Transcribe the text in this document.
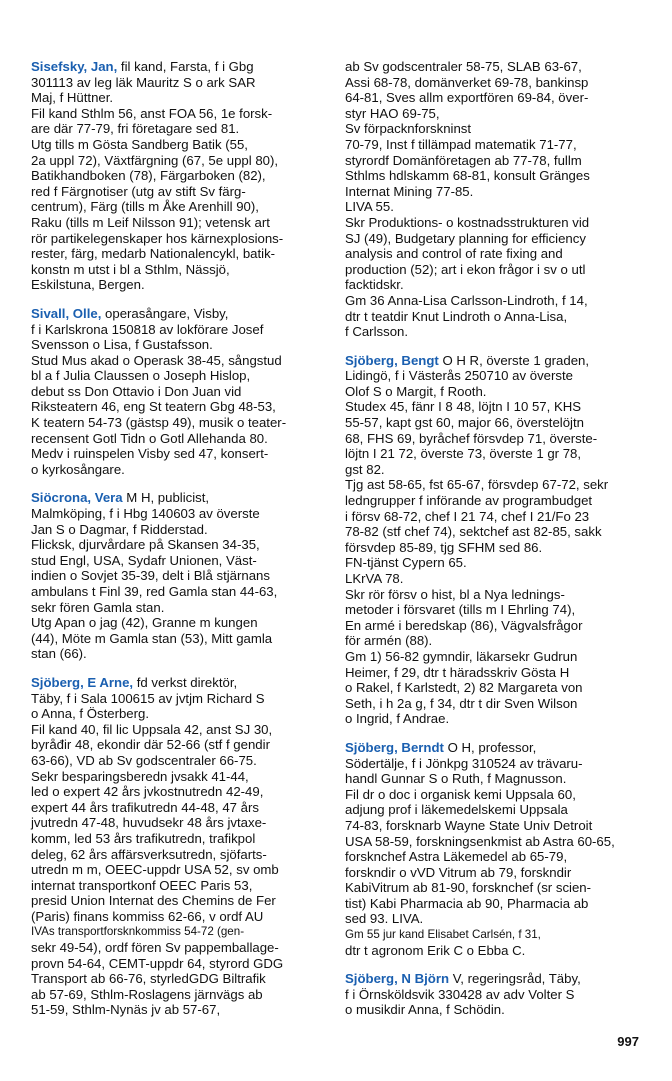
Sisefsky, Jan, fil kand, Farsta, f i Gbg
301113 av leg läk Mauritz S o ark SAR
Maj, f Hüttner.
Fil kand Sthlm 56, anst FOA 56, 1e forsk-
are där 77-79, fri företagare sed 81.
Utg tills m Gösta Sandberg Batik (55,
2a uppl 72), Växtfärgning (67, 5e uppl 80),
Batikhandboken (78), Färgarboken (82),
red f Färgnotiser (utg av stift Sv färg-
centrum), Färg (tills m Åke Arenhill 90),
Raku (tills m Leif Nilsson 91); vetensk art
rör partikelegenskaper hos kärnexplosions-
rester, färg, medarb Nationalencykl, batik-
konstn m utst i bl a Sthlm, Nässjö,
Eskilstuna, Bergen.
Sivall, Olle, operasångare, Visby,
f i Karlskrona 150818 av lokförare Josef
Svensson o Lisa, f Gustafsson.
Stud Mus akad o Operask 38-45, sångstud
bl a f Julia Claussen o Joseph Hislop,
debut ss Don Ottavio i Don Juan vid
Riksteatern 46, eng St teatern Gbg 48-53,
K teatern 54-73 (gästsp 49), musik o teater-
recensent Gotl Tidn o Gotl Allehanda 80.
Medv i ruinspelen Visby sed 47, konsert-
o kyrkosångare.
Siöcrona, Vera M H, publicist,
Malmköping, f i Hbg 140603 av överste
Jan S o Dagmar, f Ridderstad.
Flicksk, djurvårdare på Skansen 34-35,
stud Engl, USA, Sydafr Unionen, Väst-
indien o Sovjet 35-39, delt i Blå stjärnans
ambulans t Finl 39, red Gamla stan 44-63,
sekr fören Gamla stan.
Utg Apan o jag (42), Granne m kungen
(44), Möte m Gamla stan (53), Mitt gamla
stan (66).
Sjöberg, E Arne, fd verkst direktör,
Täby, f i Sala 100615 av jvtjm Richard S
o Anna, f Österberg.
Fil kand 40, fil lic Uppsala 42, anst SJ 30,
byråđir 48, ekondir där 52-66 (stf f gendir
63-66), VD ab Sv godscentraler 66-75.
Sekr besparingsberedn jvsakk 41-44,
led o expert 42 års jvkostnutredn 42-49,
expert 44 års trafikutredn 44-48, 47 års
jvutredn 47-48, huvudsekr 48 års jvtaxe-
komm, led 53 års trafikutredn, trafikpol
deleg, 62 års affärsverksutredn, sjöfarts-
utredn m m, OEEC-uppdr USA 52, sv omb
internat transportkonf OEEC Paris 53,
presid Union Internat des Chemins de Fer
(Paris) finans kommiss 62-66, v ordf AU
IVAs transportforsknkommiss 54-72 (gen-
sekr 49-54), ordf fören Sv pappemballage-
provn 54-64, CEMT-uppdr 64, styrord GDG
Transport ab 66-76, styrledGDG Biltrafik
ab 57-69, Sthlm-Roslagens järnvägs ab
51-59, Sthlm-Nynäs jv ab 57-67,
ab Sv godscentraler 58-75, SLAB 63-67,
Assi 68-78, domänverket 69-78, bankinsp
64-81, Sves allm exportfören 69-84, över-
styr HAO 69-75,
Sv förpacknforskninst
70-79, Inst f tillämpad matematik 71-77,
styrordf Domänföretagen ab 77-78, fullm
Sthlms hdlskamm 68-81, konsult Gränges
Internat Mining 77-85.
LIVA 55.
Skr Produktions- o kostnadsstrukturen vid
SJ (49), Budgetary planning for efficiency
analysis and control of rate fixing and
production (52); art i ekon frågor i sv o utl
facktidskr.
Gm 36 Anna-Lisa Carlsson-Lindroth, f 14,
dtr t teatdir Knut Lindroth o Anna-Lisa,
f Carlsson.
Sjöberg, Bengt O H R, överste 1 graden,
Lidingö, f i Västerås 250710 av överste
Olof S o Margit, f Rooth.
Studex 45, fänr I 8 48, löjtn I 10 57, KHS
55-57, kapt gst 60, major 66, överstelöjtn
68, FHS 69, byråchef försvdep 71, överste-
löjtn I 21 72, överste 73, överste 1 gr 78,
gst 82.
Tjg ast 58-65, fst 65-67, försvdep 67-72, sekr
ledngrupper f införande av programbudget
i försv 68-72, chef I 21 74, chef I 21/Fo 23
78-82 (stf chef 74), sektchef ast 82-85, sakk
försvdep 85-89, tjg SFHM sed 86.
FN-tjänst Cypern 65.
LKrVA 78.
Skr rör försv o hist, bl a Nya lednings-
metoder i försvaret (tills m I Ehrling 74),
En armé i beredskap (86), Vägvalsfrågor
för armén (88).
Gm 1) 56-82 gymndir, läkarsekr Gudrun
Heimer, f 29, dtr t häradsskriv Gösta H
o Rakel, f Karlstedt, 2) 82 Margareta von
Seth, i h 2a g, f 34, dtr t dir Sven Wilson
o Ingrid, f Andrae.
Sjöberg, Berndt O H, professor,
Södertälje, f i Jönkpg 310524 av trävaru-
handl Gunnar S o Ruth, f Magnusson.
Fil dr o doc i organisk kemi Uppsala 60,
adjung prof i läkemedelskemi Uppsala
74-83, forsknarb Wayne State Univ Detroit
USA 58-59, forskningsenkmist ab Astra 60-65,
forsknchef Astra Läkemedel ab 65-79,
forskndir o vVD Vitrum ab 79, forskndir
KabiVitrum ab 81-90, forsknchef (sr scien-
tist) Kabi Pharmacia ab 90, Pharmacia ab
sed 93. LIVA.
Gm 55 jur kand Elisabet Carlsén, f 31,
dtr t agronom Erik C o Ebba C.
Sjöberg, N Björn V, regeringsråd, Täby,
f i Örnsköldsvik 330428 av adv Volter S
o musikdir Anna, f Schödin.
997
